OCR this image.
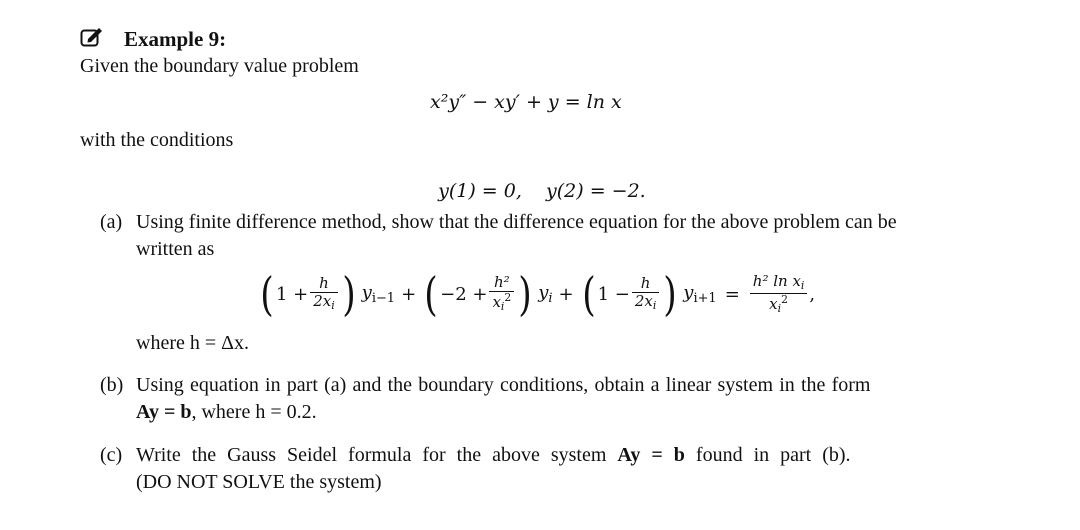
Example 9:
Given the boundary value problem
x²y″ − xy′ + y = ln x
with the conditions

y(1) = 0,    y(2) = −2.

(a) Using finite difference method, show that the difference equation for the above problem can be
written as
( $1 + \frac{h}{2x_i}$ ) $y_{i-1}$ + ( $-2 + \frac{\text{h²}}{x_i^2}$ ) $y_i$ + ( $1 - \frac{h}{2x_i}$ ) $y_{i+1} = \frac{h^2 \ln x_i}{x_i^2}$ ,
where h = Δx.
(b) Using equation in part (a) and the boundary conditions, obtain a linear system in the form
Ay = b, where h = 0.2.
(c) Write the Gauss Seidel formula for the above system Ay = b found in part (b).
(DO NOT SOLVE the system)
